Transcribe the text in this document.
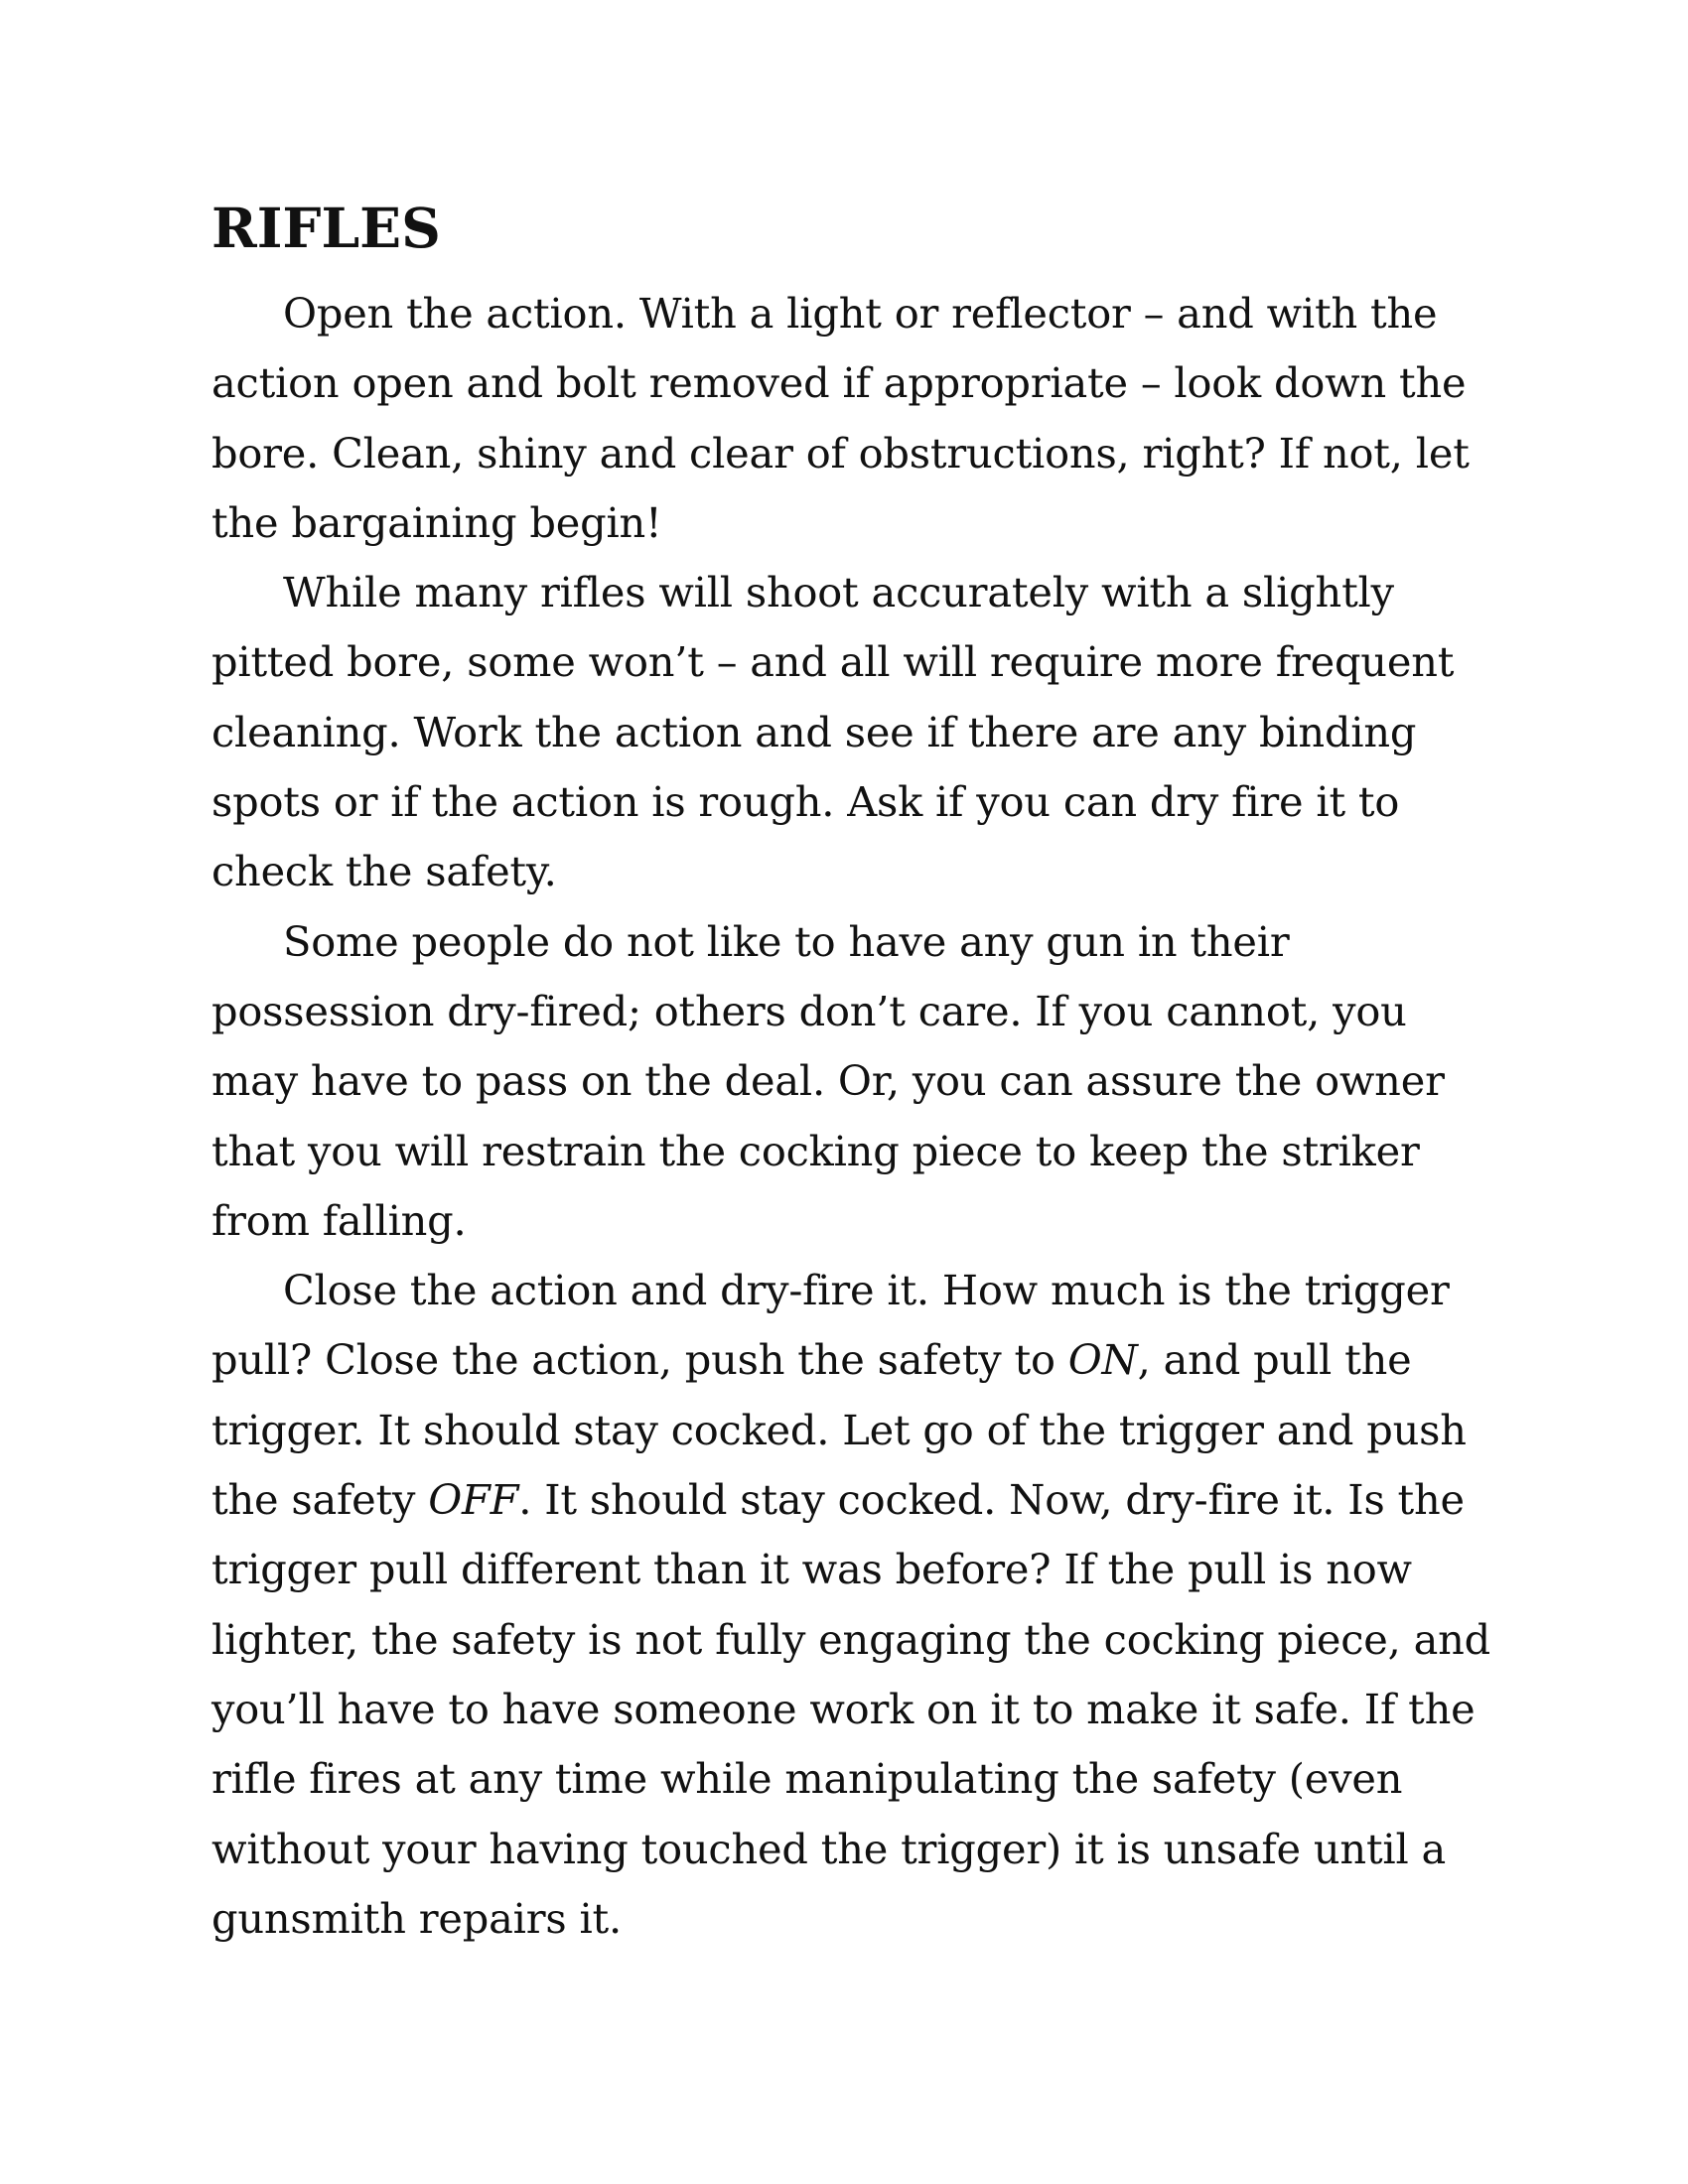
RIFLES

Open the action. With a light or reflector – and with the
action open and bolt removed if appropriate – look down the
bore. Clean, shiny and clear of obstructions, right? If not, let
the bargaining begin!

While many rifles will shoot accurately with a slightly
pitted bore, some won’t – and all will require more frequent
cleaning. Work the action and see if there are any binding
spots or if the action is rough. Ask if you can dry fire it to
check the safety.

Some people do not like to have any gun in their
possession dry-fired; others don’t care. If you cannot, you
may have to pass on the deal. Or, you can assure the owner
that you will restrain the cocking piece to keep the striker
from falling.

Close the action and dry-fire it. How much is the trigger
pull? Close the action, push the safety to ON, and pull the
trigger. It should stay cocked. Let go of the trigger and push
the safety OFF. It should stay cocked. Now, dry-fire it. Is the
trigger pull different than it was before? If the pull is now
lighter, the safety is not fully engaging the cocking piece, and
you’ll have to have someone work on it to make it safe. If the
rifle fires at any time while manipulating the safety (even
without your having touched the trigger) it is unsafe until a
gunsmith repairs it.
